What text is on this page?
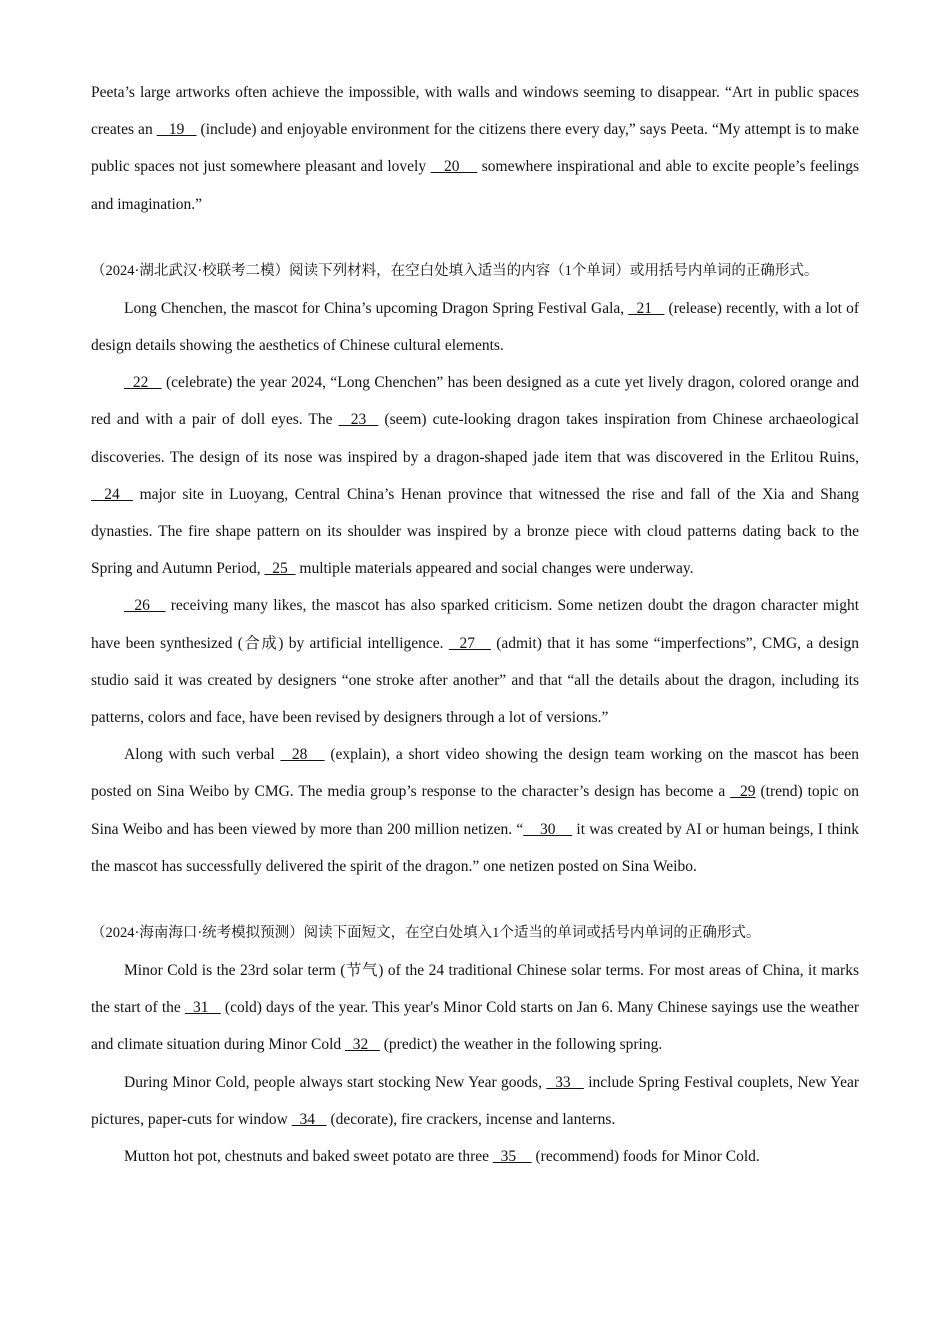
Peeta’s large artworks often achieve the impossible, with walls and windows seeming to disappear. “Art in public spaces creates an    19    (include) and enjoyable environment for the citizens there every day,” says Peeta. “My attempt is to make public spaces not just somewhere pleasant and lovely    20     somewhere inspirational and able to excite people’s feelings and imagination.”

（2024·湖北武汉·校联考二模）阅读下列材料，在空白处填入适当的内容（1个单词）或用括号内单词的正确形式。

Long Chenchen, the mascot for China’s upcoming Dragon Spring Festival Gala,   21    (release) recently, with a lot of design details showing the aesthetics of Chinese cultural elements.

22    (celebrate) the year 2024, “Long Chenchen” has been designed as a cute yet lively dragon, colored orange and red and with a pair of doll eyes. The   23   (seem) cute-looking dragon takes inspiration from Chinese archaeological discoveries. The design of its nose was inspired by a dragon-shaped jade item that was discovered in the Erlitou Ruins,   24   major site in Luoyang, Central China’s Henan province that witnessed the rise and fall of the Xia and Shang dynasties. The fire shape pattern on its shoulder was inspired by a bronze piece with cloud patterns dating back to the Spring and Autumn Period,   25   multiple materials appeared and social changes were underway.

26    receiving many likes, the mascot has also sparked criticism. Some netizen doubt the dragon character might have been synthesized (合成) by artificial intelligence.   27    (admit) that it has some “imperfections”, CMG, a design studio said it was created by designers “one stroke after another” and that “all the details about the dragon, including its patterns, colors and face, have been revised by designers through a lot of versions.”

Along with such verbal   28    (explain), a short video showing the design team working on the mascot has been posted on Sina Weibo by CMG. The media group’s response to the character’s design has become a   29 (trend) topic on Sina Weibo and has been viewed by more than 200 million netizen. “    30     it was created by AI or human beings, I think the mascot has successfully delivered the spirit of the dragon.” one netizen posted on Sina Weibo.

（2024·海南海口·统考模拟预测）阅读下面短文，在空白处填入1个适当的单词或括号内单词的正确形式。

Minor Cold is the 23rd solar term (节气) of the 24 traditional Chinese solar terms. For most areas of China, it marks the start of the   31    (cold) days of the year. This year's Minor Cold starts on Jan 6. Many Chinese sayings use the weather and climate situation during Minor Cold   32    (predict) the weather in the following spring.

During Minor Cold, people always start stocking New Year goods,   33    include Spring Festival couplets, New Year pictures, paper-cuts for window   34    (decorate), fire crackers, incense and lanterns.

Mutton hot pot, chestnuts and baked sweet potato are three   35     (recommend) foods for Minor Cold.
